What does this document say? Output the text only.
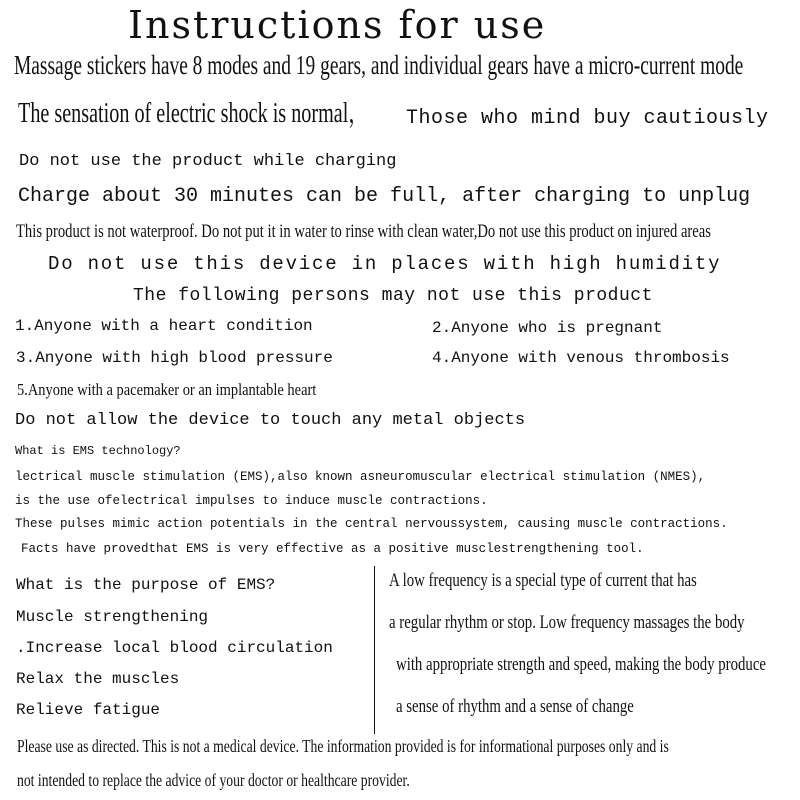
Instructions for use
Massage stickers have 8 modes and 19 gears, and individual gears have a micro-current mode
The sensation of electric shock is normal， Those who mind buy cautiously
Do not use the product while charging
Charge about 30 minutes can be full, after charging to unplug
This product is not waterproof. Do not put it in water to rinse with clean water,Do not use this product on injured areas
Do not use this device in places with high humidity
The following persons may not use this product
1.Anyone with a heart condition	2.Anyone who is pregnant
3.Anyone with high blood pressure	4.Anyone with venous thrombosis
5.Anyone with a pacemaker or an implantable heart
Do not allow the device to touch any metal objects
What is EMS technology?
lectrical muscle stimulation (EMS),also known asneuromuscular electrical stimulation (NMES),
is the use ofelectrical impulses to induce muscle contractions.
These pulses mimic action potentials in the central nervoussystem, causing muscle contractions.
Facts have provedthat EMS is very effective as a positive musclestrengthening tool.
What is the purpose of EMS?
Muscle strengthening
.Increase local blood circulation
Relax the muscles
Relieve fatigue
A low frequency is a special type of current that has
a regular rhythm or stop. Low frequency massages the body
with appropriate strength and speed, making the body produce
a sense of rhythm and a sense of change
Please use as directed. This is not a medical device. The information provided is for informational purposes only and is
not intended to replace the advice of your doctor or healthcare provider.
